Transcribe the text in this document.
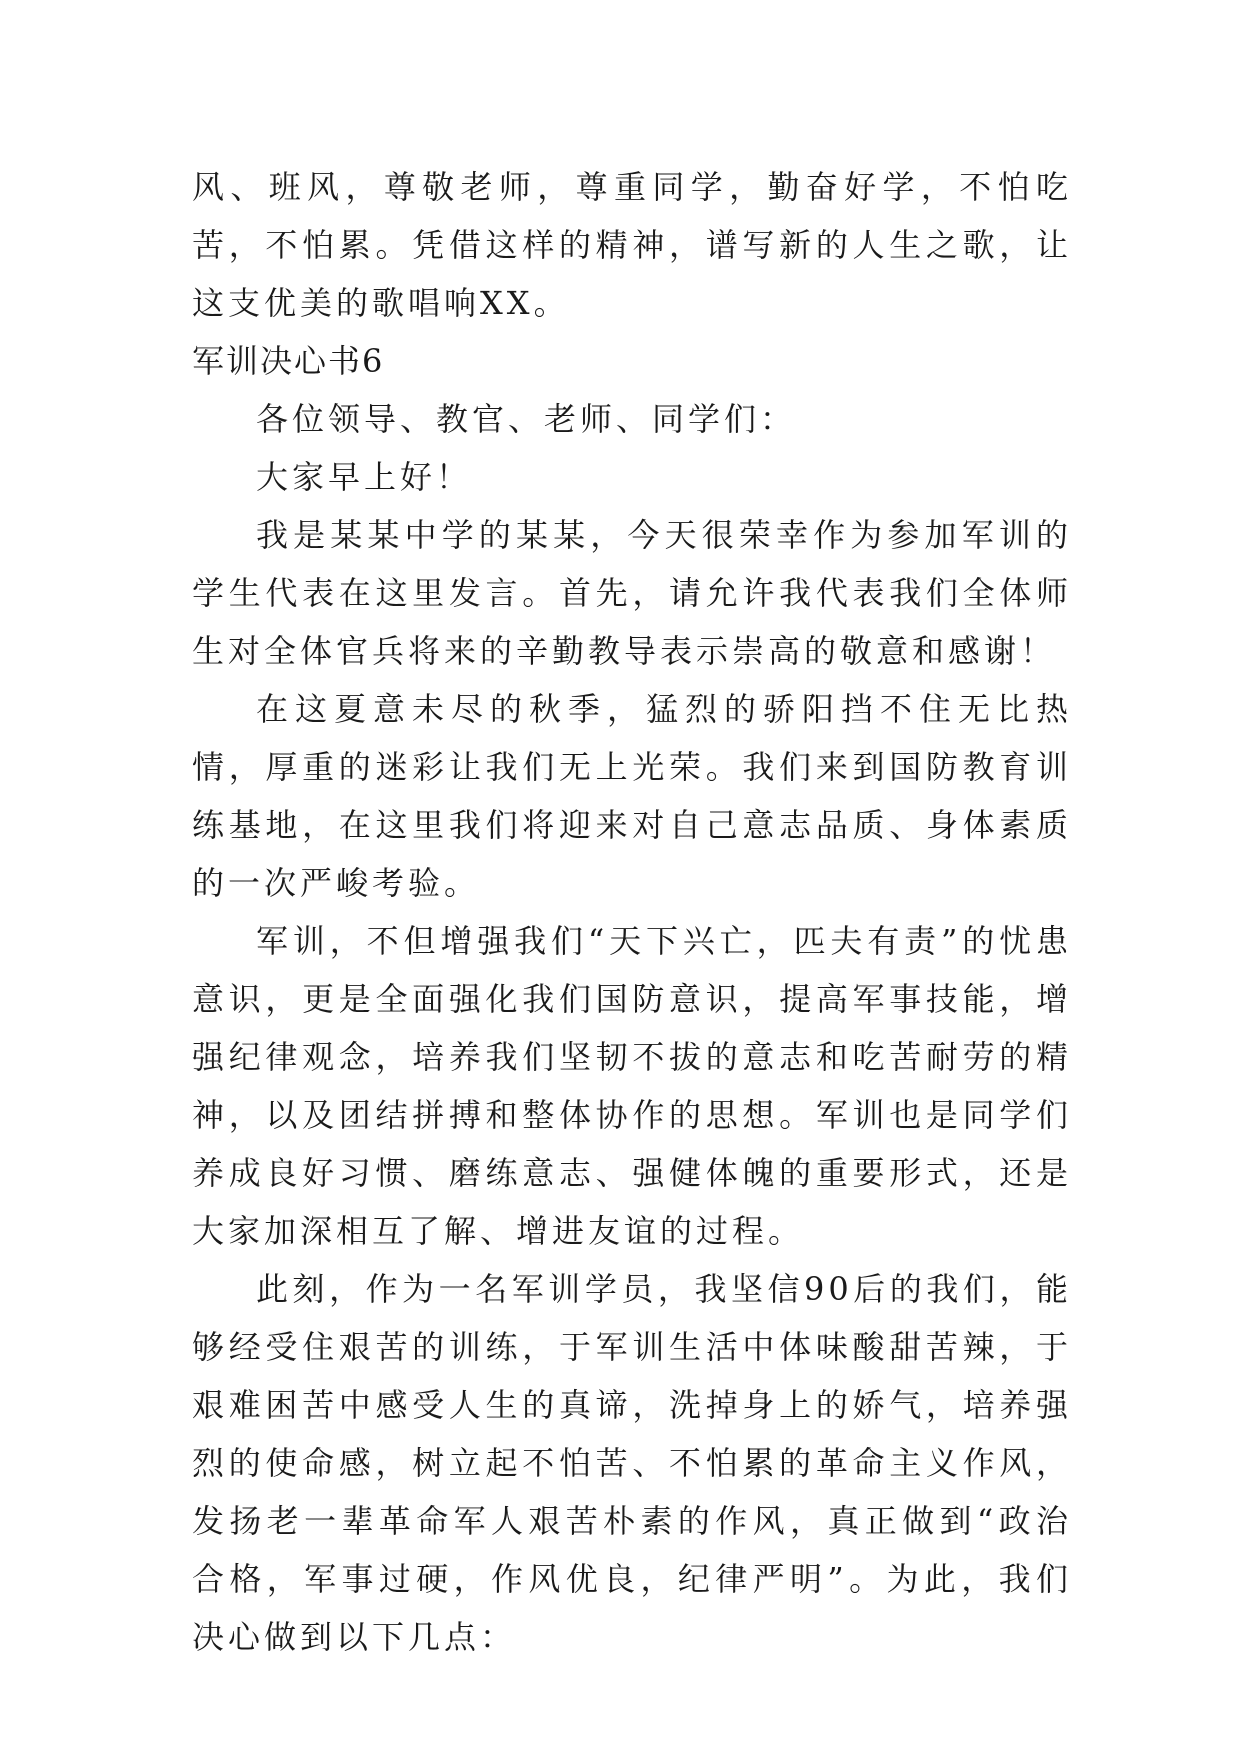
风、班风，尊敬老师，尊重同学，勤奋好学，不怕吃苦，不怕累。凭借这样的精神，谱写新的人生之歌，让这支优美的歌唱响XX。

军训决心书6

各位领导、教官、老师、同学们：

大家早上好！

我是某某中学的某某，今天很荣幸作为参加军训的学生代表在这里发言。首先，请允许我代表我们全体师生对全体官兵将来的辛勤教导表示崇高的敬意和感谢！

在这夏意未尽的秋季，猛烈的骄阳挡不住无比热情，厚重的迷彩让我们无上光荣。我们来到国防教育训练基地，在这里我们将迎来对自己意志品质、身体素质的一次严峻考验。

军训，不但增强我们“天下兴亡，匹夫有责”的忧患意识，更是全面强化我们国防意识，提高军事技能，增强纪律观念，培养我们坚韧不拔的意志和吃苦耐劳的精神，以及团结拼搏和整体协作的思想。军训也是同学们养成良好习惯、磨练意志、强健体魄的重要形式，还是大家加深相互了解、增进友谊的过程。

此刻，作为一名军训学员，我坚信90后的我们，能够经受住艰苦的训练，于军训生活中体味酸甜苦辣，于艰难困苦中感受人生的真谛，洗掉身上的娇气，培养强烈的使命感，树立起不怕苦、不怕累的革命主义作风，发扬老一辈革命军人艰苦朴素的作风，真正做到“政治合格，军事过硬，作风优良，纪律严明”。为此，我们决心做到以下几点：
